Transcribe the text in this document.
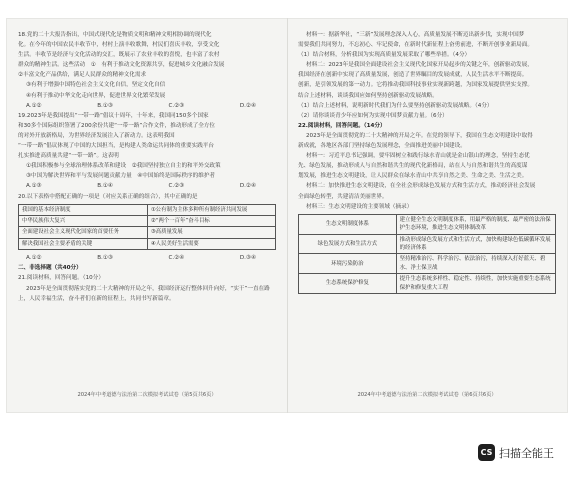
18.党的二十大报告指出，中国式现代化是物质文明和精神文明相协调的现代化
化。在今年的中国农民丰收节中，村村上演丰收歌舞，村民们喜庆丰收，享受文化
生活。丰收节是经济与文化活动的交汇，既展示了农业丰收的喜悦，也丰富了农村
群众的精神生活。这些活动　①　有利于推动文化资源共享，促进城乡文化融合发展
②丰富文化产品供给，满足人民群众的精神文化需求
③有利于增强中国特色社会主义文化自信，坚定文化自信
④有利于推动中华文化走向世界，促进世界文化繁荣发展
A.①②	B.①③	C.②③	D.②④
19.2023年是我国提出“一带一路”倡议十周年，十年来，我国同150多个国家
和30多个国际组织签署了200余份共建“一带一路”合作文件，推动形成了全方位
的对外开放新格局，为世界经济发展注入了新动力。这表明我国
“一带一路”倡议体现了中国的大国担当，是构建人类命运共同体的重要实践平台
扎实推进高质量共建“一带一路”。这表明
①我国积极参与全球治理体系改革和建设　②我国坚持独立自主的和平外交政策
③中国为解决世界和平与发展问题贡献力量　④中国始终是国际秩序的维护者
A.①③	B.①④	C.②③	D.②④
20.以下表格中搭配正确的一项是（对应关系正确的组合），其中正确的是
我国的基本经济制度	①公有制为主体多种所有制经济共同发展
中华民族伟大复兴	②“两个一百年”奋斗目标
全面建设社会主义现代化国家的首要任务	③高质量发展
解决我国社会主要矛盾的关键	④人民美好生活需要
A.①②	B.①③	C.②④	D.③④
二、非选择题（共40分）
21.阅读材料，回答问题。（10分）
2023年是全面贯彻落实党的二十大精神的开局之年，我国经济运行整体回升向好，“实干”一直在路
上，人民幸福生活，奋斗者们在新的征程上，共同书写新篇章。
2024年中考道德与法治第二次模拟考试试卷（第5页共6页）
材料一：据新华社，“三新”发展理念深入人心，高质量发展不断迈出新步伐，实现中国梦
需要我们共同努力，不忘初心、牢记使命，在新时代新征程上奋勇前进，不断开创事业新局面。
（1）结合材料，分析我国为实现高质量发展采取了哪些举措。（4分）
材料二：2023年是我国全面建设社会主义现代化国家开局起步的关键之年，创新驱动发展，
我国经济在创新中实现了高质量发展，创造了世界瞩目的发展成就，人民生活水平不断提高。
创新，是引领发展的第一动力。它将推动我国科技事业实现新跨越，为国家发展提供坚实支撑。
结合上述材料，谈谈我国应如何坚持创新驱动发展战略。
（1）结合上述材料，说明新时代我们为什么要坚持创新驱动发展战略。（4分）
（2）请你谈谈青少年应如何为实现中国梦贡献力量。（6分）
22.阅读材料，回答问题。（14分）
2023年是全面贯彻党的二十大精神的开局之年。在党的领导下，我国在生态文明建设中取得
新成就，各地区各部门坚持绿色发展理念，全面推进美丽中国建设。
材料一：习近平总书记强调，要牢固树立和践行绿水青山就是金山银山的理念，坚持生态优
先、绿色发展，推动形成人与自然和谐共生的现代化新格局，站在人与自然和谐共生的高度谋
划发展，推进生态文明建设，让人民群众在绿水青山中共享自然之美、生命之美、生活之美。
材料二：加快推进生态文明建设，在全社会形成绿色发展方式和生活方式，推动经济社会发展
全面绿色转型，共建清洁美丽世界。
材料三：生态文明建设的主要领域（摘录）
生态文明制度体系	建立健全生态文明制度体系，用最严格的制度、最严密的法治保护生态环境，推进生态文明体制改革
绿色发展方式和生活方式	推动形成绿色发展方式和生活方式，加快构建绿色低碳循环发展的经济体系
环境污染防治	坚持精准治污、科学治污、依法治污，持续深入打好蓝天、碧水、净土保卫战
生态系统保护修复	提升生态系统多样性、稳定性、持续性，加快实施重要生态系统保护和修复重大工程
2024年中考道德与法治第二次模拟考试试卷（第6页共6页）
CS 扫描全能王
